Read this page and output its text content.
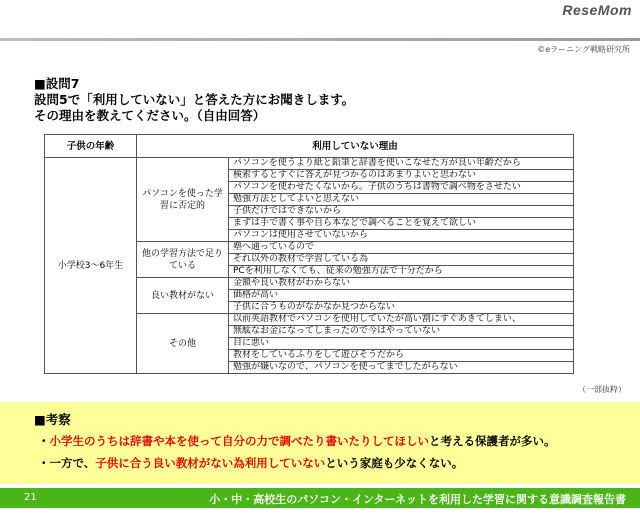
ReseMom
©eラーニング戦略研究所
■設問7
設問5で「利用していない」と答えた方にお聞きします。
その理由を教えてください。（自由回答）
子供の年齢	利用していない理由	
小学校3～6年生	パソコンを使った学習に否定的	パソコンを使うより紙と鉛筆と辞書を使いこなせた方が良い年齢だから
		検索するとすぐに答えが見つかるのはあまりよいと思わない
		パソコンを使わせたくないから。子供のうちは書物で調べ物をさせたい
		勉強方法としてよいと思えない
		子供だけではできないから
		まずは手で書く事や自ら本などで調べることを覚えて欲しい
		パソコンは使用させていないから
	他の学習方法で足りている	塾へ通っているので
		それ以外の教材で学習している為
		PCを利用しなくても、従来の勉強方法で十分だから
	良い教材がない	金額や良い教材がわからない
		価格が高い
		子供に合うものがなかなか見つからない
	その他	以前英語教材でパソコンを使用していたが高い割にすぐあきてしまい、
		無駄なお金になってしまったので今はやっていない
		目に悪い
		教材をしているふりをして遊びそうだから
		勉強が嫌いなので、パソコンを使ってまでしたがらない
（一部抜粋）
■考察
・小学生のうちは辞書や本を使って自分の力で調べたり書いたりしてほしいと考える保護者が多い。
・一方で、子供に合う良い教材がない為利用していないという家庭も少なくない。
21	小・中・高校生のパソコン・インターネットを利用した学習に関する意識調査報告書
